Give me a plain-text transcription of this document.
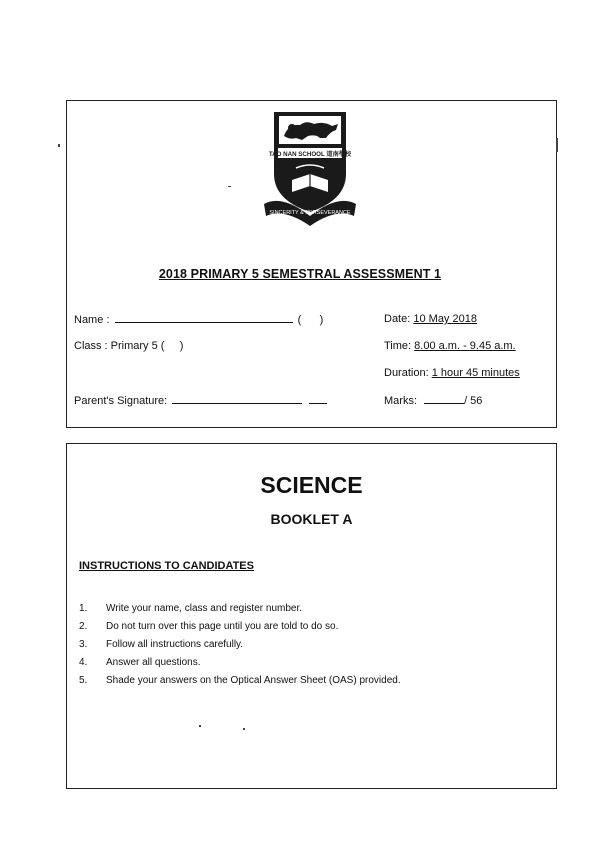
TAO NAN SCHOOL 道南學校
SINCERITY & PERSEVERANCE
2018 PRIMARY 5 SEMESTRAL ASSESSMENT 1
Name :	(      )
Class : Primary 5 (     )
Parent's Signature:
Date: 10 May 2018
Time: 8.00 a.m. - 9.45 a.m.
Duration: 1 hour 45 minutes
Marks:	/ 56
SCIENCE
BOOKLET A
INSTRUCTIONS TO CANDIDATES
1. Write your name, class and register number.
2. Do not turn over this page until you are told to do so.
3. Follow all instructions carefully.
4. Answer all questions.
5. Shade your answers on the Optical Answer Sheet (OAS) provided.
